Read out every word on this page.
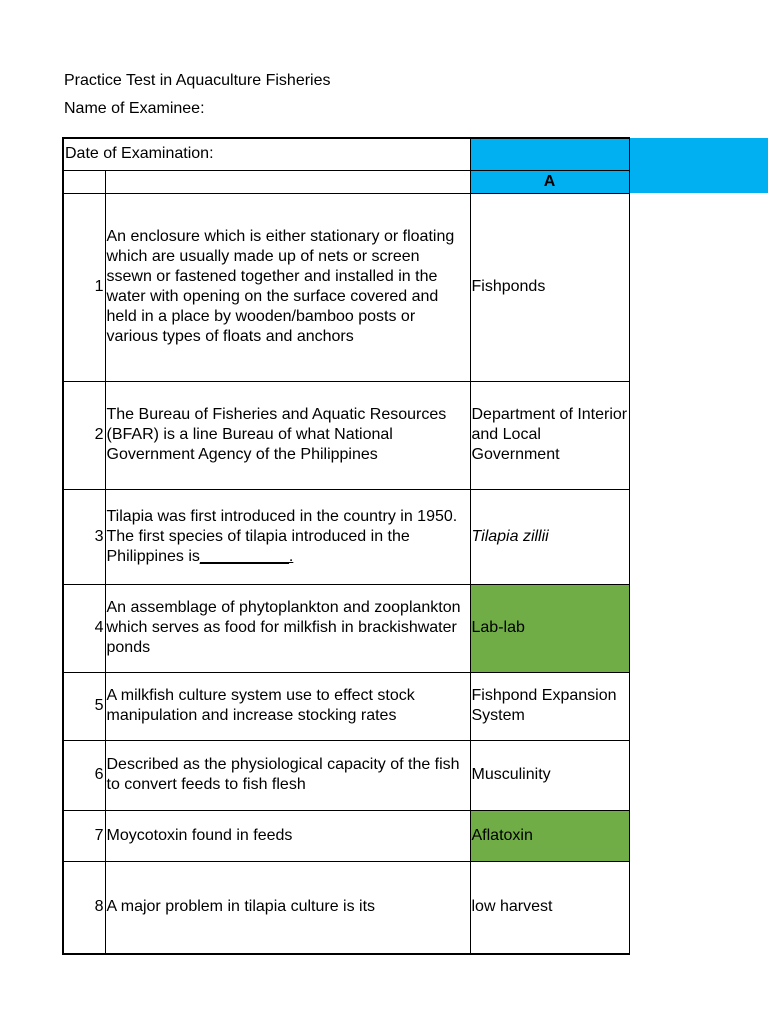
Practice Test in Aquaculture Fisheries
Name of Examinee:
Date of Examination:		
		A
1	An enclosure which is either stationary or floating which are usually made up of nets or screen ssewn or fastened together and installed in the water with opening on the surface covered and held in a place by wooden/bamboo posts or various types of floats and anchors	Fishponds
2	The Bureau of Fisheries and Aquatic Resources (BFAR) is a line Bureau of what National Government Agency of the Philippines	Department of Interior and Local Government
3	Tilapia was first introduced in the country in 1950. The first species of tilapia introduced in the Philippines is__________.	Tilapia zillii
4	An assemblage of phytoplankton and zooplankton which serves as food for milkfish in brackishwater ponds	Lab-lab
5	A milkfish culture system use to effect stock manipulation and increase stocking rates	Fishpond Expansion System
6	Described as the physiological capacity of the fish to convert feeds to fish flesh	Musculinity
7	Moycotoxin found in feeds	Aflatoxin
8	A major problem in tilapia culture is its	low harvest
